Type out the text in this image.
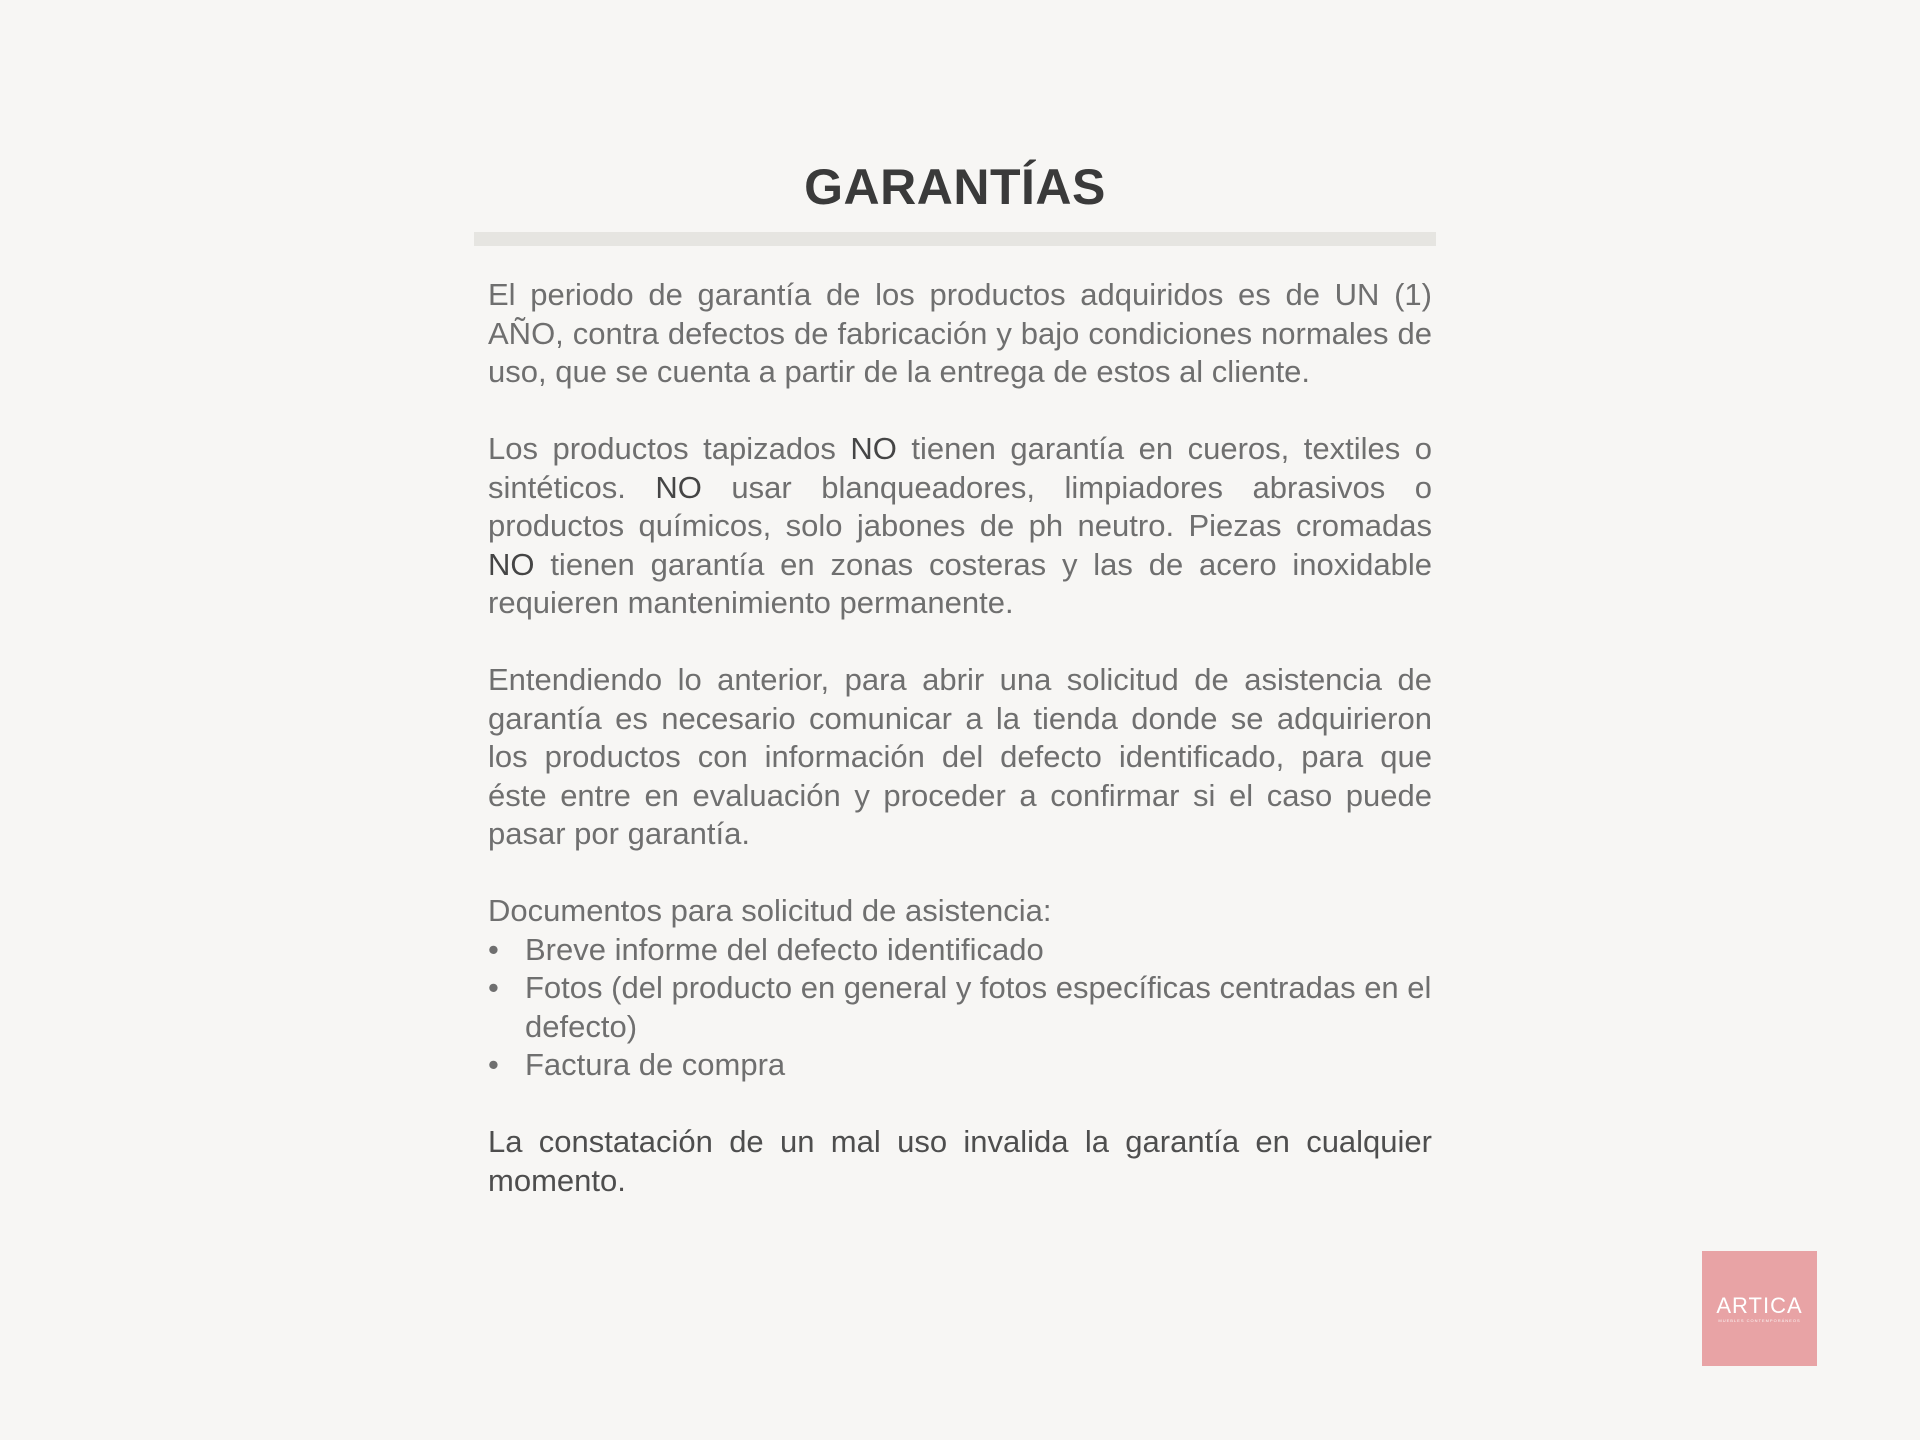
GARANTÍAS

El periodo de garantía de los productos adquiridos es de UN (1) AÑO, contra defectos de fabricación y bajo condiciones normales de uso, que se cuenta a partir de la entrega de estos al cliente.

Los productos tapizados NO tienen garantía en cueros, textiles o sintéticos. NO usar blanqueadores, limpiadores abrasivos o productos químicos, solo jabones de ph neutro. Piezas cromadas NO tienen garantía en zonas costeras y las de acero inoxidable requieren mantenimiento permanente.

Entendiendo lo anterior, para abrir una solicitud de asistencia de garantía es necesario comunicar a la tienda donde se adquirieron los productos con información del defecto identificado, para que éste entre en evaluación y proceder a confirmar si el caso puede pasar por garantía.

Documentos para solicitud de asistencia:
• Breve informe del defecto identificado
• Fotos (del producto en general y fotos específicas centradas en el defecto)
• Factura de compra

La constatación de un mal uso invalida la garantía en cualquier momento.

ARTICA
MUEBLES CONTEMPORÁNEOS
